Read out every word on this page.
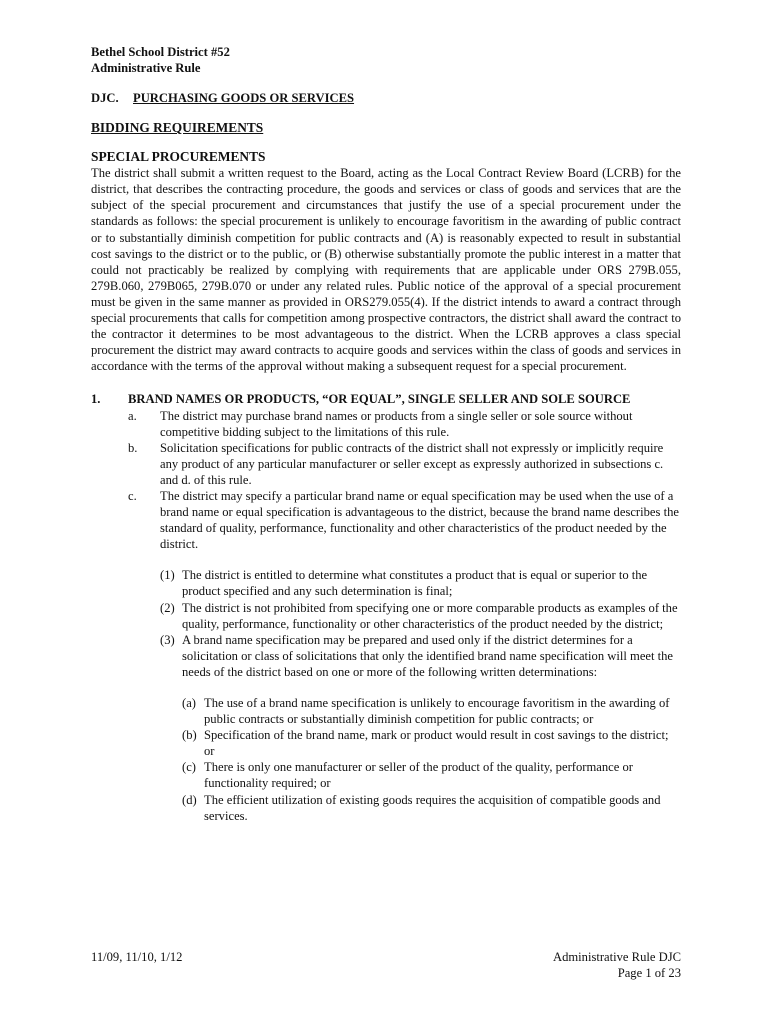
Bethel School District #52
Administrative Rule
DJC. PURCHASING GOODS OR SERVICES
BIDDING REQUIREMENTS
SPECIAL PROCUREMENTS
The district shall submit a written request to the Board, acting as the Local Contract Review Board (LCRB) for the district, that describes the contracting procedure, the goods and services or class of goods and services that are the subject of the special procurement and circumstances that justify the use of a special procurement under the standards as follows: the special procurement is unlikely to encourage favoritism in the awarding of public contract or to substantially diminish competition for public contracts and (A) is reasonably expected to result in substantial cost savings to the district or to the public, or (B) otherwise substantially promote the public interest in a matter that could not practicably be realized by complying with requirements that are applicable under ORS 279B.055, 279B.060, 279B065, 279B.070 or under any related rules. Public notice of the approval of a special procurement must be given in the same manner as provided in ORS279.055(4). If the district intends to award a contract through special procurements that calls for competition among prospective contractors, the district shall award the contract to the contractor it determines to be most advantageous to the district. When the LCRB approves a class special procurement the district may award contracts to acquire goods and services within the class of goods and services in accordance with the terms of the approval without making a subsequent request for a special procurement.
1. BRAND NAMES OR PRODUCTS, “OR EQUAL”, SINGLE SELLER AND SOLE SOURCE
a. The district may purchase brand names or products from a single seller or sole source without competitive bidding subject to the limitations of this rule.
b. Solicitation specifications for public contracts of the district shall not expressly or implicitly require any product of any particular manufacturer or seller except as expressly authorized in subsections c. and d. of this rule.
c. The district may specify a particular brand name or equal specification may be used when the use of a brand name or equal specification is advantageous to the district, because the brand name describes the standard of quality, performance, functionality and other characteristics of the product needed by the district.
(1) The district is entitled to determine what constitutes a product that is equal or superior to the product specified and any such determination is final;
(2) The district is not prohibited from specifying one or more comparable products as examples of the quality, performance, functionality or other characteristics of the product needed by the district;
(3) A brand name specification may be prepared and used only if the district determines for a solicitation or class of solicitations that only the identified brand name specification will meet the needs of the district based on one or more of the following written determinations:
(a) The use of a brand name specification is unlikely to encourage favoritism in the awarding of public contracts or substantially diminish competition for public contracts; or
(b) Specification of the brand name, mark or product would result in cost savings to the district; or
(c) There is only one manufacturer or seller of the product of the quality, performance or functionality required; or
(d) The efficient utilization of existing goods requires the acquisition of compatible goods and services.
11/09, 11/10, 1/12	Administrative Rule DJC
Page 1 of 23
